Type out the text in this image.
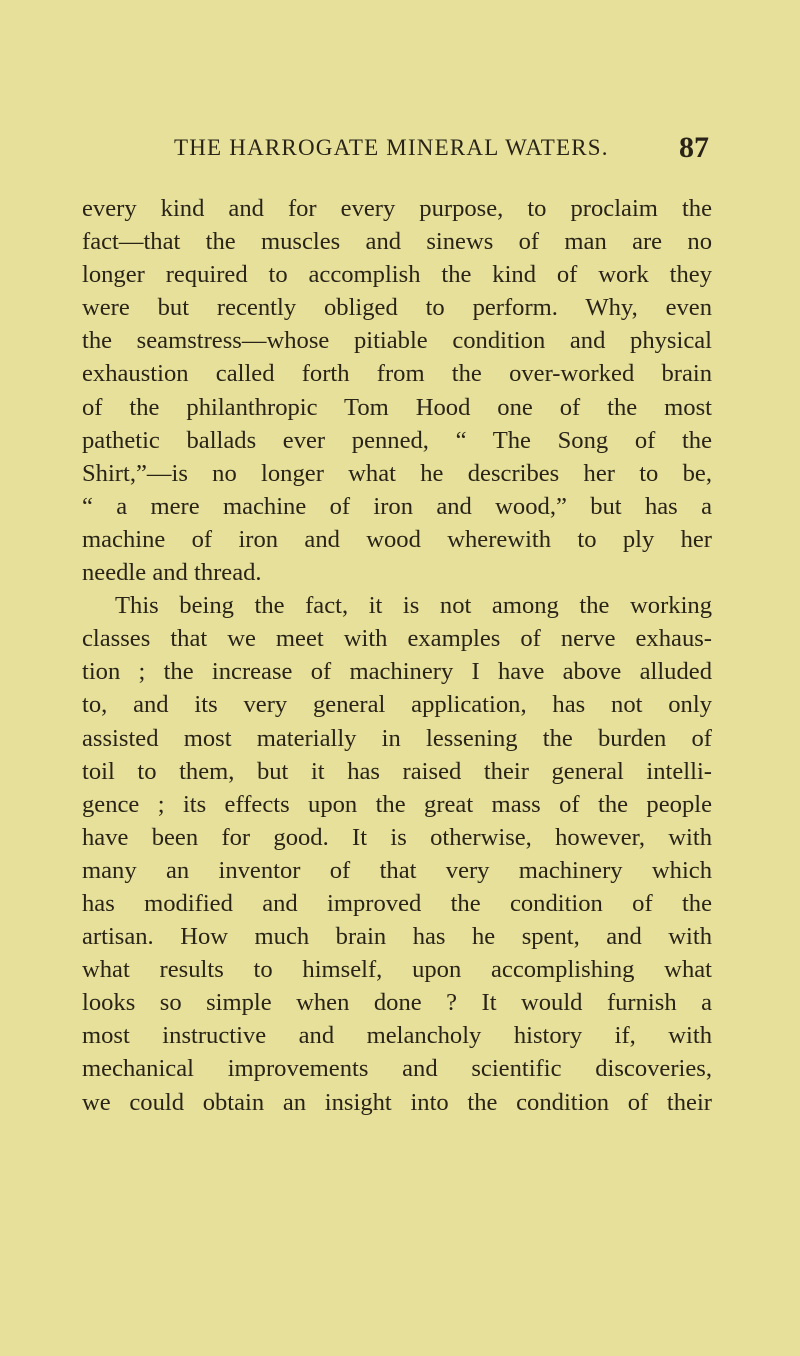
THE HARROGATE MINERAL WATERS. 87
every kind and for every purpose, to proclaim the
fact—that the muscles and sinews of man are no
longer required to accomplish the kind of work they
were but recently obliged to perform. Why, even
the seamstress—whose pitiable condition and physical
exhaustion called forth from the over-worked brain
of the philanthropic Tom Hood one of the most
pathetic ballads ever penned, “ The Song of the
Shirt,”—is no longer what he describes her to be,
“ a mere machine of iron and wood,” but has a
machine of iron and wood wherewith to ply her
needle and thread.
This being the fact, it is not among the working
classes that we meet with examples of nerve exhaus-
tion ; the increase of machinery I have above alluded
to, and its very general application, has not only
assisted most materially in lessening the burden of
toil to them, but it has raised their general intelli-
gence ; its effects upon the great mass of the people
have been for good. It is otherwise, however, with
many an inventor of that very machinery which
has modified and improved the condition of the
artisan. How much brain has he spent, and with
what results to himself, upon accomplishing what
looks so simple when done ? It would furnish a
most instructive and melancholy history if, with
mechanical improvements and scientific discoveries,
we could obtain an insight into the condition of their
